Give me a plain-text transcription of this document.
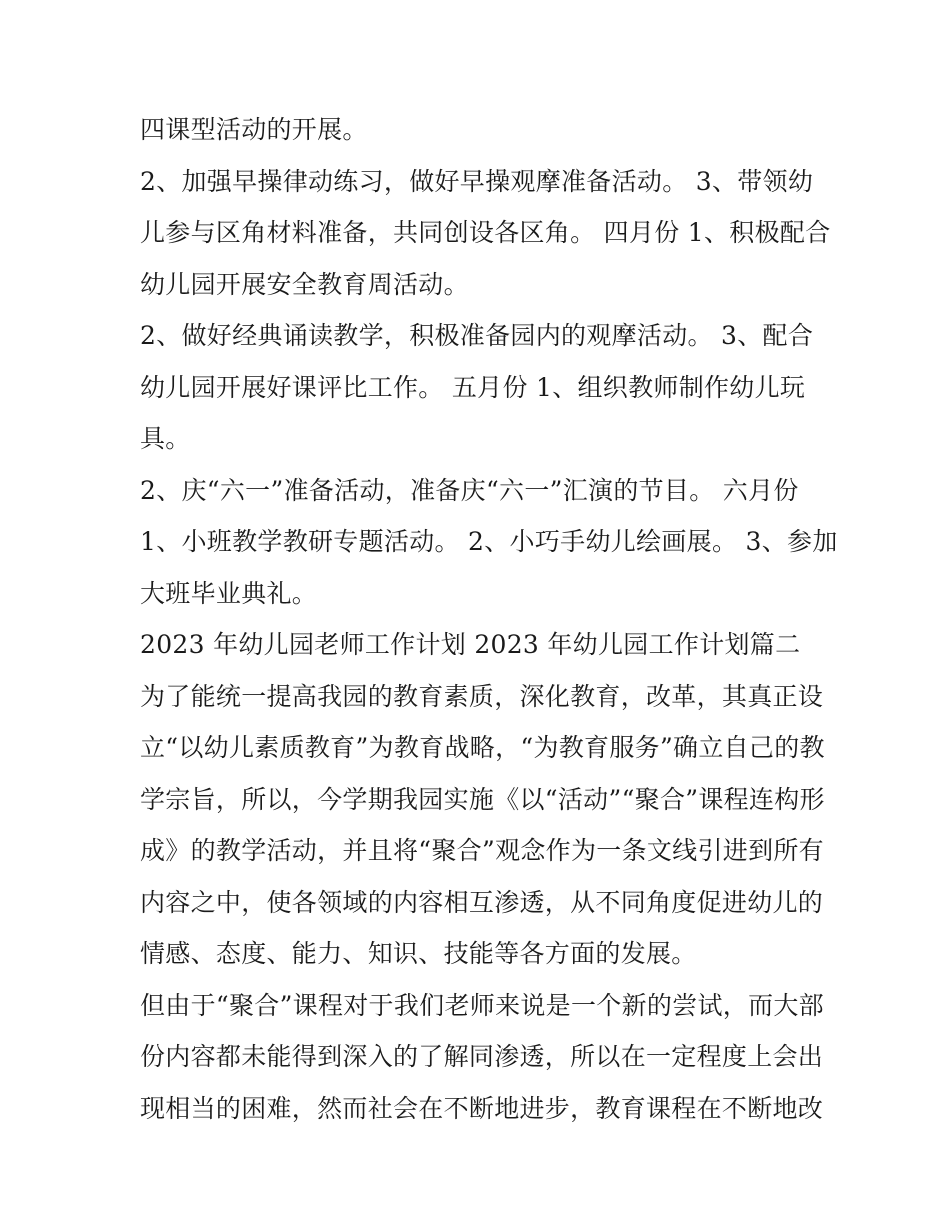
四课型活动的开展。
2、加强早操律动练习，做好早操观摩准备活动。 3、带领幼
儿参与区角材料准备，共同创设各区角。 四月份 1、积极配合
幼儿园开展安全教育周活动。
2、做好经典诵读教学，积极准备园内的观摩活动。 3、配合
幼儿园开展好课评比工作。 五月份 1、组织教师制作幼儿玩
具。
2、庆“六一”准备活动，准备庆“六一”汇演的节目。 六月份
1、小班教学教研专题活动。 2、小巧手幼儿绘画展。 3、参加
大班毕业典礼。
2023 年幼儿园老师工作计划 2023 年幼儿园工作计划篇二
为了能统一提高我园的教育素质，深化教育，改革，其真正设
立“以幼儿素质教育”为教育战略，“为教育服务”确立自己的教
学宗旨，所以，今学期我园实施《以“活动”“聚合”课程连构形
成》的教学活动，并且将“聚合”观念作为一条文线引进到所有
内容之中，使各领域的内容相互渗透，从不同角度促进幼儿的
情感、态度、能力、知识、技能等各方面的发展。
但由于“聚合”课程对于我们老师来说是一个新的尝试，而大部
份内容都未能得到深入的了解同渗透，所以在一定程度上会出
现相当的困难，然而社会在不断地进步，教育课程在不断地改
